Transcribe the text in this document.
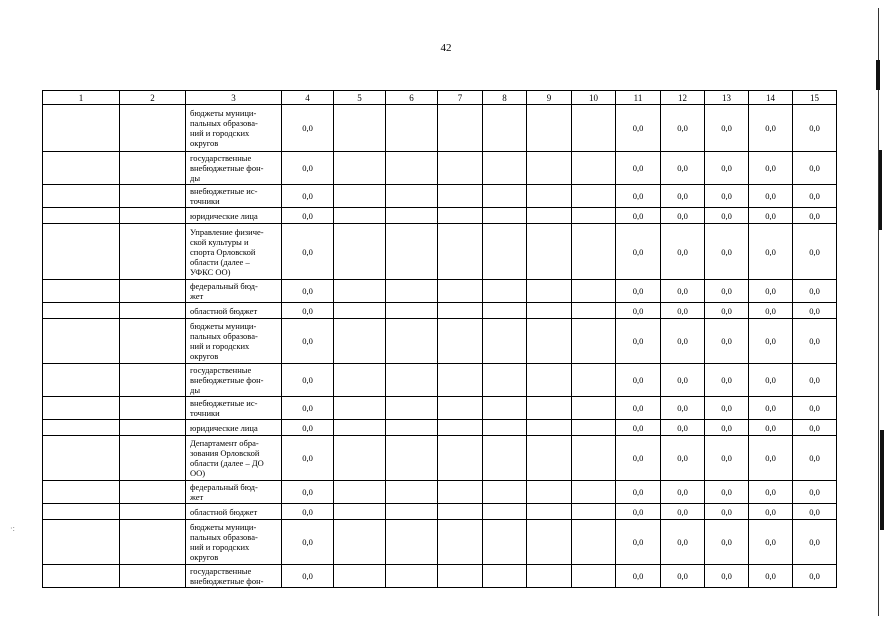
42
1	2	3	4	5	6	7	8	9	10	11	12	13	14	15
		бюджеты муници-
пальных образова-
ний и городских
округов	0,0							0,0	0,0	0,0	0,0	0,0
		государственные
внебюджетные фон-
ды	0,0							0,0	0,0	0,0	0,0	0,0
		внебюджетные ис-
точники	0,0							0,0	0,0	0,0	0,0	0,0
		юридические лица	0,0							0,0	0,0	0,0	0,0	0,0
		Управление физиче-
ской культуры и
спорта Орловской
области (далее –
УФКС ОО)	0,0							0,0	0,0	0,0	0,0	0,0
		федеральный бюд-
жет	0,0							0,0	0,0	0,0	0,0	0,0
		областной бюджет	0,0							0,0	0,0	0,0	0,0	0,0
		бюджеты муници-
пальных образова-
ний и городских
округов	0,0							0,0	0,0	0,0	0,0	0,0
		государственные
внебюджетные фон-
ды	0,0							0,0	0,0	0,0	0,0	0,0
		внебюджетные ис-
точники	0,0							0,0	0,0	0,0	0,0	0,0
		юридические лица	0,0							0,0	0,0	0,0	0,0	0,0
		Департамент обра-
зования Орловской
области (далее – ДО
ОО)	0,0							0,0	0,0	0,0	0,0	0,0
		федеральный бюд-
жет	0,0							0,0	0,0	0,0	0,0	0,0
		областной бюджет	0,0							0,0	0,0	0,0	0,0	0,0
		бюджеты муници-
пальных образова-
ний и городских
округов	0,0							0,0	0,0	0,0	0,0	0,0
		государственные
внебюджетные фон-	0,0							0,0	0,0	0,0	0,0	0,0
·:
